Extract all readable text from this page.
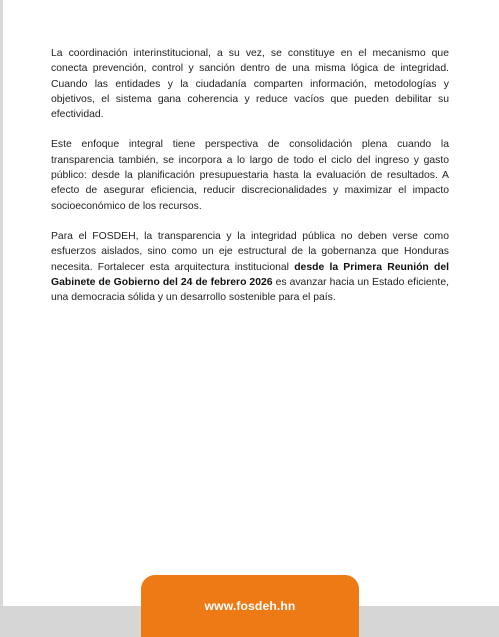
La coordinación interinstitucional, a su vez, se constituye en el mecanismo que conecta prevención, control y sanción dentro de una misma lógica de integridad. Cuando las entidades y la ciudadanía comparten información, metodologías y objetivos, el sistema gana coherencia y reduce vacíos que pueden debilitar su efectividad.

Este enfoque integral tiene perspectiva de consolidación plena cuando la transparencia también, se incorpora a lo largo de todo el ciclo del ingreso y gasto público: desde la planificación presupuestaria hasta la evaluación de resultados. A efecto de asegurar eficiencia, reducir discrecionalidades y maximizar el impacto socioeconómico de los recursos.

Para el FOSDEH, la transparencia y la integridad pública no deben verse como esfuerzos aislados, sino como un eje estructural de la gobernanza que Honduras necesita. Fortalecer esta arquitectura institucional desde la Primera Reunión del Gabinete de Gobierno del 24 de febrero 2026 es avanzar hacia un Estado eficiente, una democracia sólida y un desarrollo sostenible para el país.

www.fosdeh.hn
